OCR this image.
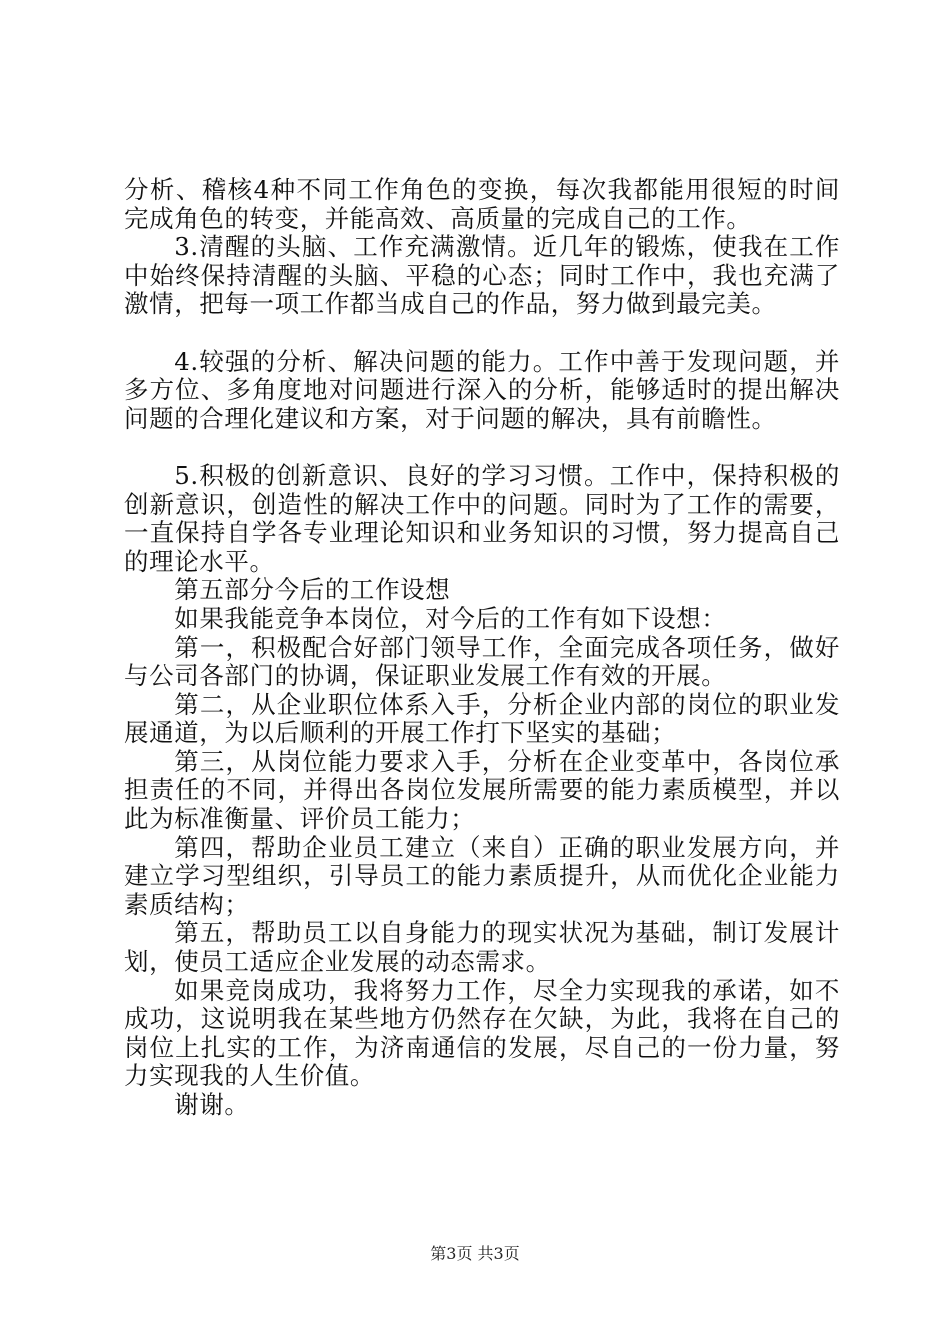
分析、稽核4种不同工作角色的变换，每次我都能用很短的时间完成角色的转变，并能高效、高质量的完成自己的工作。

3.清醒的头脑、工作充满激情。近几年的锻炼，使我在工作中始终保持清醒的头脑、平稳的心态；同时工作中，我也充满了激情，把每一项工作都当成自己的作品，努力做到最完美。

4.较强的分析、解决问题的能力。工作中善于发现问题，并多方位、多角度地对问题进行深入的分析，能够适时的提出解决问题的合理化建议和方案，对于问题的解决，具有前瞻性。

5.积极的创新意识、良好的学习习惯。工作中，保持积极的创新意识，创造性的解决工作中的问题。同时为了工作的需要，一直保持自学各专业理论知识和业务知识的习惯，努力提高自己的理论水平。

第五部分今后的工作设想

如果我能竞争本岗位，对今后的工作有如下设想：

第一，积极配合好部门领导工作，全面完成各项任务，做好与公司各部门的协调，保证职业发展工作有效的开展。

第二，从企业职位体系入手，分析企业内部的岗位的职业发展通道，为以后顺利的开展工作打下坚实的基础；

第三，从岗位能力要求入手，分析在企业变革中，各岗位承担责任的不同，并得出各岗位发展所需要的能力素质模型，并以此为标准衡量、评价员工能力；

第四，帮助企业员工建立（来自）正确的职业发展方向，并建立学习型组织，引导员工的能力素质提升，从而优化企业能力素质结构；

第五，帮助员工以自身能力的现实状况为基础，制订发展计划，使员工适应企业发展的动态需求。

如果竞岗成功，我将努力工作，尽全力实现我的承诺，如不成功，这说明我在某些地方仍然存在欠缺，为此，我将在自己的岗位上扎实的工作，为济南通信的发展，尽自己的一份力量，努力实现我的人生价值。

谢谢。

第3页 共3页
